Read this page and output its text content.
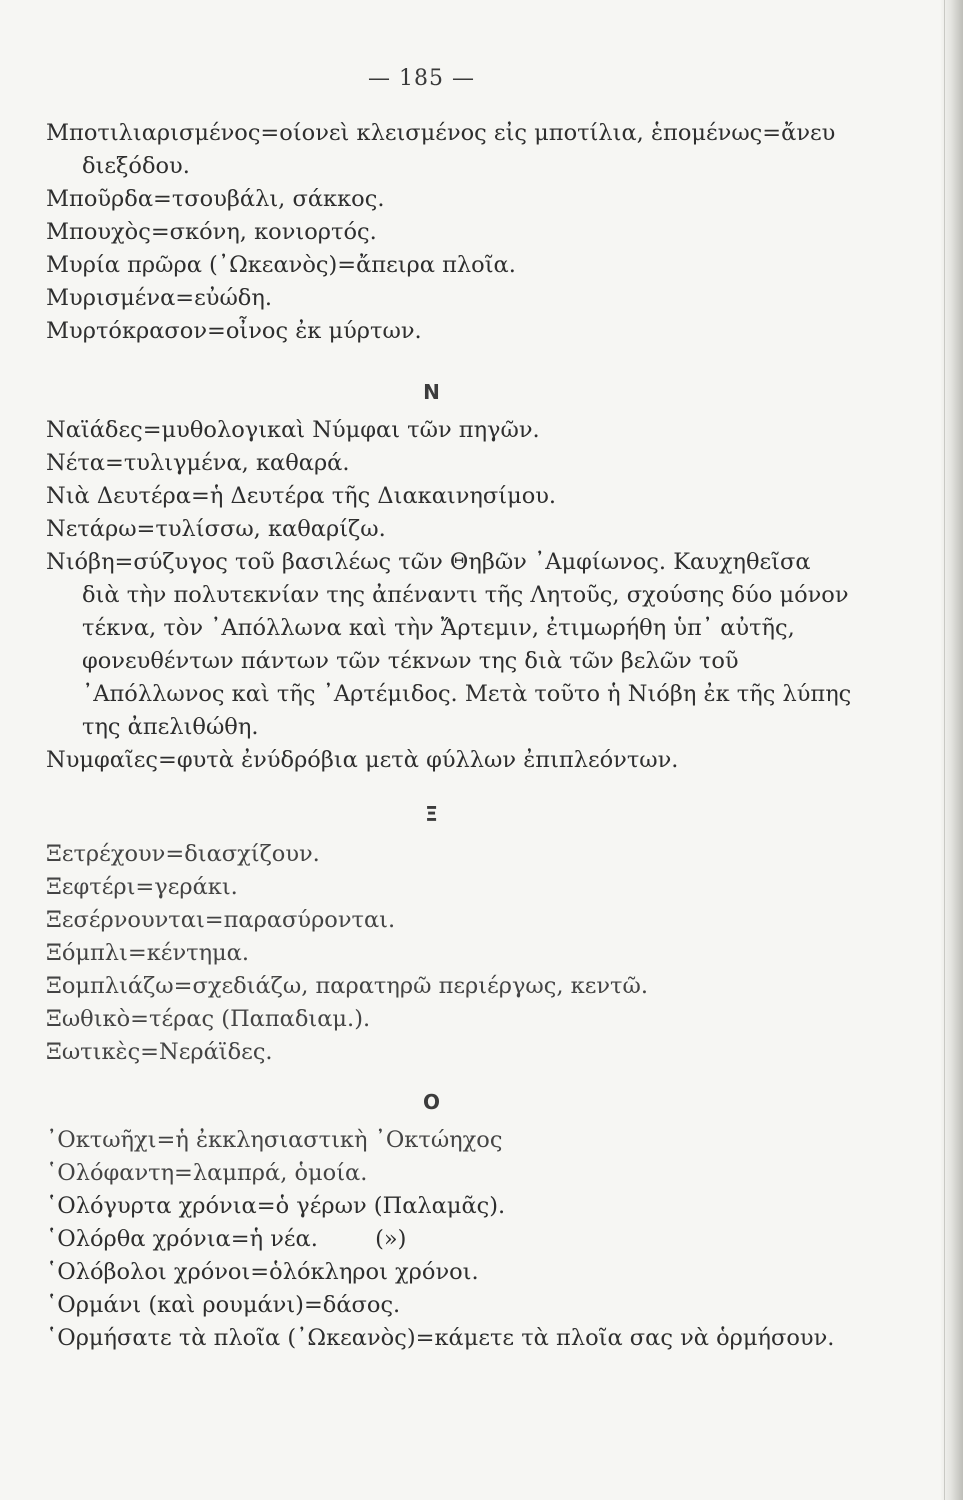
— 185 —
Μποτιλιαρισμένος=οίονεὶ κλεισμένος εἰς μποτίλια, ἑπομένως=ἄνευ διεξόδου.
Μποῦρδα=τσουβάλι, σάκκος.
Μπουχὸς=σκόνη, κονιορτός.
Μυρία πρῶρα (᾿Ωκεανὸς)=ἄπειρα πλοῖα.
Μυρισμένα=εὐώδη.
Μυρτόκρασον=οἶνος ἐκ μύρτων.
N
Ναϊάδες=μυθολογικαὶ Νύμφαι τῶν πηγῶν.
Νέτα=τυλιγμένα, καθαρά.
Νιὰ Δευτέρα=ἡ Δευτέρα τῆς Διακαινησίμου.
Νετάρω=τυλίσσω, καθαρίζω.
Νιόβη=σύζυγος τοῦ βασιλέως τῶν Θηβῶν ᾿Αμφίωνος. Καυχηθεῖσα διὰ τὴν πολυτεκνίαν της ἀπέναντι τῆς Λητοῦς, σχούσης δύο μόνον τέκνα, τὸν ᾿Απόλλωνα καὶ τὴν Ἄρτεμιν, ἐτιμωρήθη ὑπ᾿ αὐτῆς, φονευθέντων πάντων τῶν τέκνων της διὰ τῶν βελῶν τοῦ ᾿Απόλλωνος καὶ τῆς ᾿Αρτέμιδος. Μετὰ τοῦτο ἡ Νιόβη ἐκ τῆς λύπης της ἀπελιθώθη.
Νυμφαῖες=φυτὰ ἐνύδρόβια μετὰ φύλλων ἐπιπλεόντων.
Ξ
Ξετρέχουν=διασχίζουν.
Ξεφτέρι=γεράκι.
Ξεσέρνουνται=παρασύρονται.
Ξόμπλι=κέντημα.
Ξομπλιάζω=σχεδιάζω, παρατηρῶ περιέργως, κεντῶ.
Ξωθικὸ=τέρας (Παπαδιαμ.).
Ξωτικὲς=Νεράϊδες.
O
᾿Οκτωῆχι=ἡ ἐκκλησιαστικὴ ᾿Οκτώηχος
῾Ολόφαντη=λαμπρά, ὁμοία.
῾Ολόγυρτα χρόνια=ὁ γέρων (Παλαμᾶς).
῾Ολόρθα χρόνια=ἡ νέα.        (»)
῾Ολόβολοι χρόνοι=ὁλόκληροι χρόνοι.
῾Ορμάνι (καὶ ρουμάνι)=δάσος.
῾Ορμήσατε τὰ πλοῖα (᾿Ωκεανὸς)=κάμετε τὰ πλοῖα σας νὰ ὁρμήσουν.
